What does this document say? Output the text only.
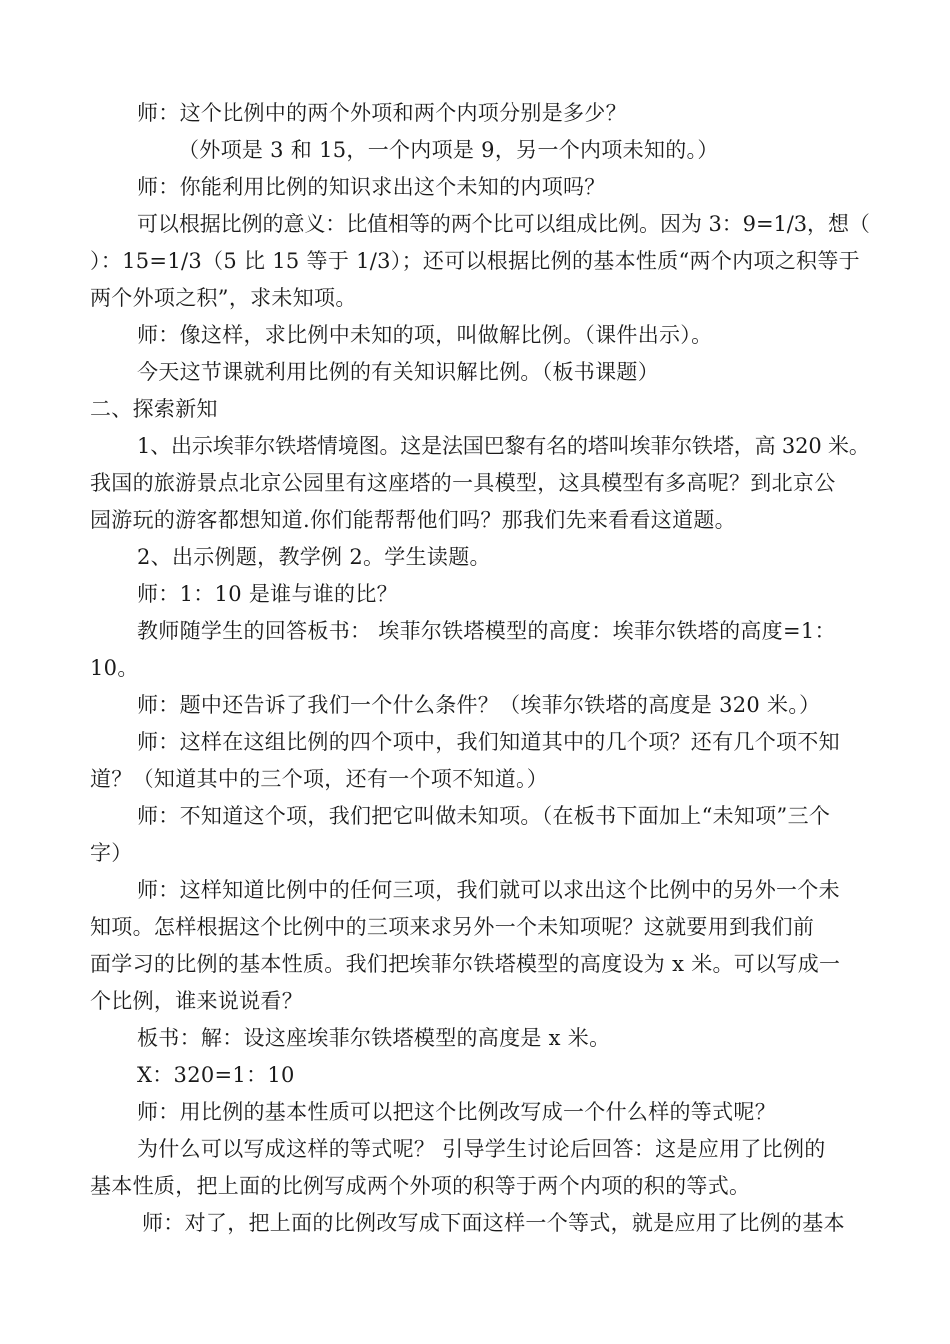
师：这个比例中的两个外项和两个内项分别是多少？
（外项是 3 和 15，一个内项是 9，另一个内项未知的。）
师：你能利用比例的知识求出这个未知的内项吗？
可以根据比例的意义：比值相等的两个比可以组成比例。因为 3：9=1/3，想（
）：15=1/3（5 比 15 等于 1/3）；还可以根据比例的基本性质“两个内项之积等于
两个外项之积”，求未知项。
师：像这样，求比例中未知的项，叫做解比例。（课件出示）。
今天这节课就利用比例的有关知识解比例。（板书课题）
二、探索新知
1、出示埃菲尔铁塔情境图。这是法国巴黎有名的塔叫埃菲尔铁塔，高 320 米。
我国的旅游景点北京公园里有这座塔的一具模型，这具模型有多高呢？到北京公
园游玩的游客都想知道.你们能帮帮他们吗？那我们先来看看这道题。
2、出示例题，教学例 2。学生读题。
师：1：10 是谁与谁的比？
教师随学生的回答板书： 埃菲尔铁塔模型的高度：埃菲尔铁塔的高度=1：
10。
师：题中还告诉了我们一个什么条件？（埃菲尔铁塔的高度是 320 米。）
师：这样在这组比例的四个项中，我们知道其中的几个项？还有几个项不知
道？（知道其中的三个项，还有一个项不知道。）
师：不知道这个项，我们把它叫做未知项。（在板书下面加上“未知项”三个
字）
师：这样知道比例中的任何三项，我们就可以求出这个比例中的另外一个未
知项。怎样根据这个比例中的三项来求另外一个未知项呢？这就要用到我们前
面学习的比例的基本性质。我们把埃菲尔铁塔模型的高度设为 x 米。可以写成一
个比例，谁来说说看？
板书：解：设这座埃菲尔铁塔模型的高度是 x 米。
X：320=1：10
师：用比例的基本性质可以把这个比例改写成一个什么样的等式呢？
为什么可以写成这样的等式呢？ 引导学生讨论后回答：这是应用了比例的
基本性质，把上面的比例写成两个外项的积等于两个内项的积的等式。
师：对了，把上面的比例改写成下面这样一个等式，就是应用了比例的基本
